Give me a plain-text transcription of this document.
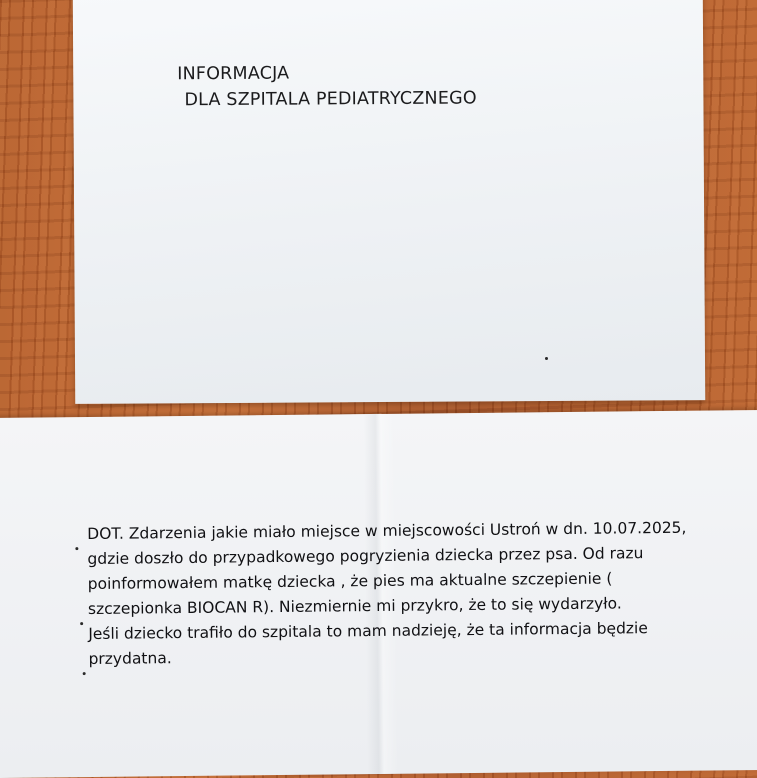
INFORMACJA
DLA SZPITALA PEDIATRYCZNEGO
DOT. Zdarzenia jakie miało miejsce w miejscowości Ustroń w dn. 10.07.2025, gdzie doszło do przypadkowego pogryzienia dziecka przez psa. Od razu poinformowałem matkę dziecka , że pies ma aktualne szczepienie ( szczepionka BIOCAN R). Niezmiernie mi przykro, że to się wydarzyło.
Jeśli dziecko trafiło do szpitala to mam nadzieję, że ta informacja będzie przydatna.
